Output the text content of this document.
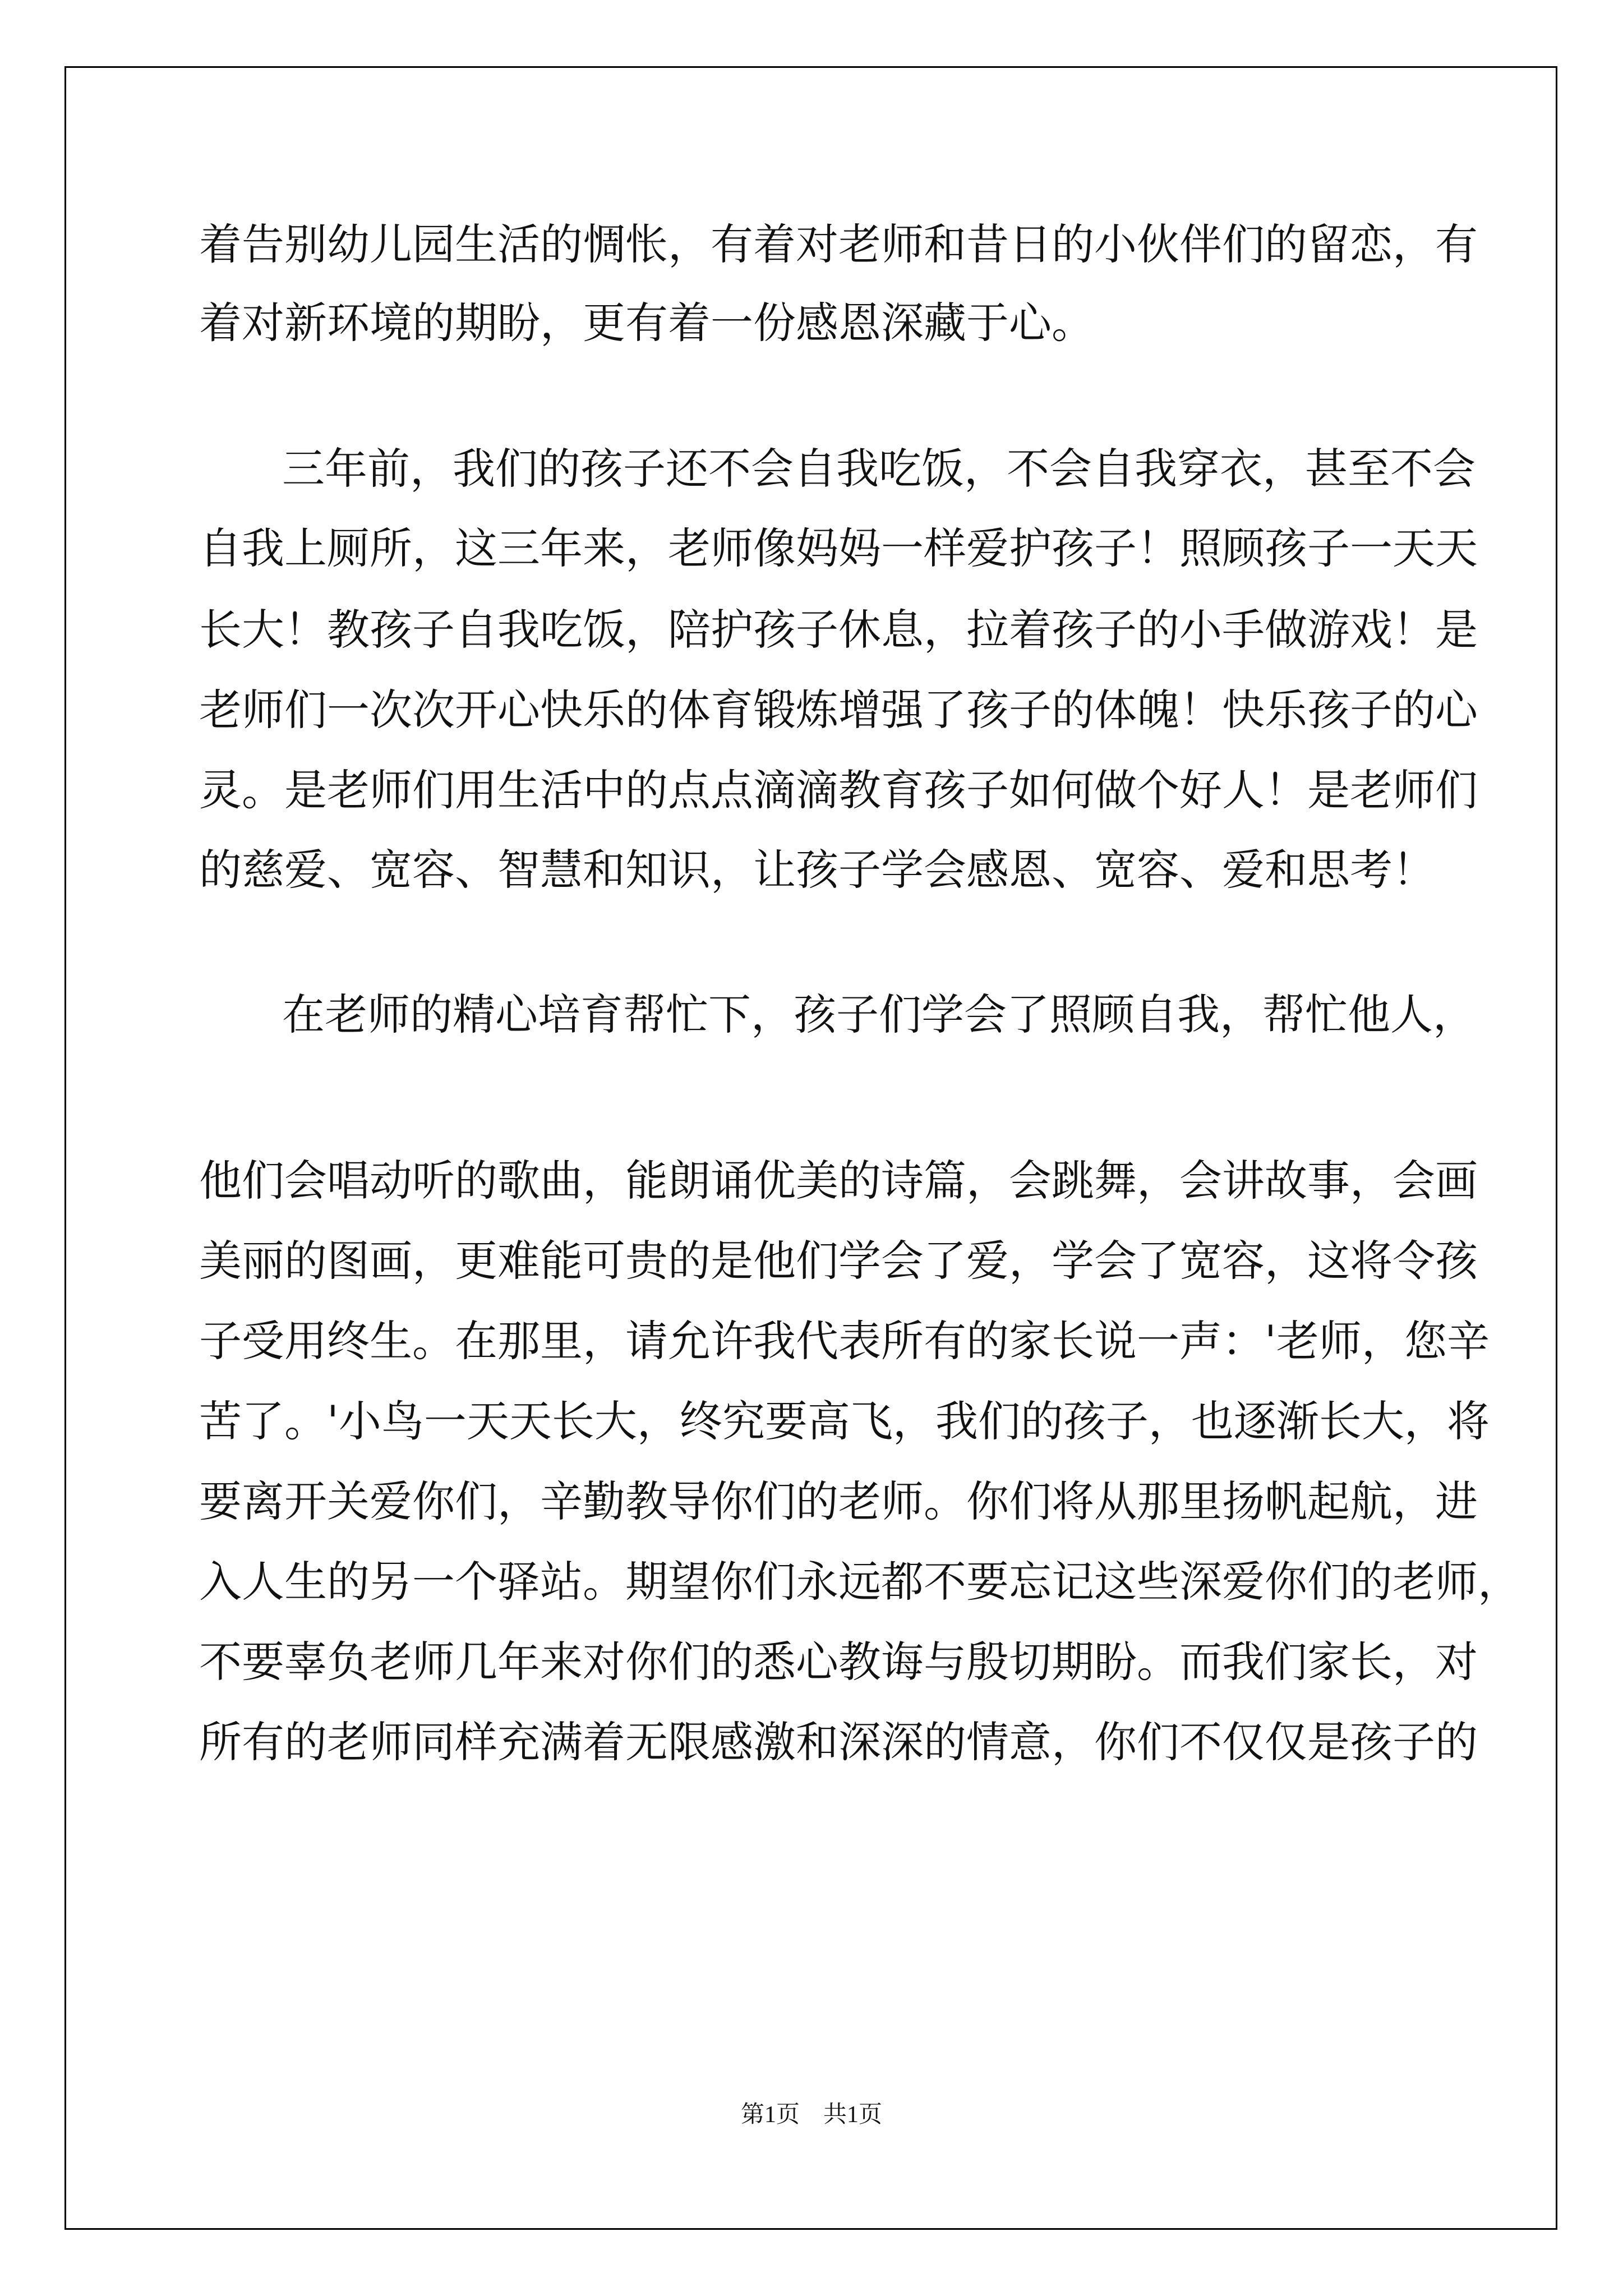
着告别幼儿园生活的惆怅，有着对老师和昔日的小伙伴们的留恋，有
着对新环境的期盼，更有着一份感恩深藏于心。
三年前，我们的孩子还不会自我吃饭，不会自我穿衣，甚至不会
自我上厕所，这三年来，老师像妈妈一样爱护孩子！照顾孩子一天天
长大！教孩子自我吃饭，陪护孩子休息，拉着孩子的小手做游戏！是
老师们一次次开心快乐的体育锻炼增强了孩子的体魄！快乐孩子的心
灵。是老师们用生活中的点点滴滴教育孩子如何做个好人！是老师们
的慈爱、宽容、智慧和知识，让孩子学会感恩、宽容、爱和思考！
在老师的精心培育帮忙下，孩子们学会了照顾自我，帮忙他人，
他们会唱动听的歌曲，能朗诵优美的诗篇，会跳舞，会讲故事，会画
美丽的图画，更难能可贵的是他们学会了爱，学会了宽容，这将令孩
子受用终生。在那里，请允许我代表所有的家长说一声：'老师，您辛
苦了。'小鸟一天天长大，终究要高飞，我们的孩子，也逐渐长大，将
要离开关爱你们，辛勤教导你们的老师。你们将从那里扬帆起航，进
入人生的另一个驿站。期望你们永远都不要忘记这些深爱你们的老师，
不要辜负老师几年来对你们的悉心教诲与殷切期盼。而我们家长，对
所有的老师同样充满着无限感激和深深的情意，你们不仅仅是孩子的
第1页　共1页
